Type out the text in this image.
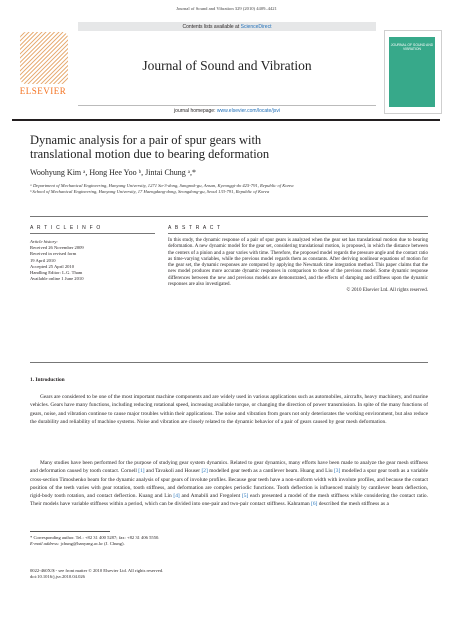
Journal of Sound and Vibration 329 (2010) 4409–4421
Contents lists available at ScienceDirect
ELSEVIER
Journal of Sound and Vibration
journal homepage: www.elsevier.com/locate/jsvi
JOURNAL OF SOUND AND VIBRATION
Dynamic analysis for a pair of spur gears with
translational motion due to bearing deformation
Woohyung Kim ᵃ, Hong Hee Yoo ᵇ, Jintai Chung ᵃ,*
ᵃ Department of Mechanical Engineering, Hanyang University, 1271 Sa-3-dong, Sangnok-gu, Ansan, Kyeonggi-do 425-791, Republic of Korea
ᵇ School of Mechanical Engineering, Hanyang University, 17 Haengdang-dong, Seongdong-gu, Seoul 133-791, Republic of Korea
A R T I C L E I N F O	A B S T R A C T
Article history:
Received 26 November 2009
Received in revised form
19 April 2010
Accepted 25 April 2010
Handling Editor: L.G. Tham
Available online 1 June 2010
In this study, the dynamic response of a pair of spur gears is analyzed when the gear set has translational motion due to bearing deformation. A new dynamic model for the gear set, considering translational motion, is proposed, in which the distance between the centers of a pinion and a gear varies with time. Therefore, the proposed model regards the pressure angle and the contact ratio as time-varying variables, while the previous model regards them as constants. After deriving nonlinear equations of motion for the gear set, the dynamic responses are computed by applying the Newmark time integration method. This paper claims that the new model produces more accurate dynamic responses in comparison to those of the previous model. Some dynamic response differences between the new and previous models are demonstrated, and the effects of damping and stiffness upon the dynamic responses are also investigated.
© 2010 Elsevier Ltd. All rights reserved.
1. Introduction
Gears are considered to be one of the most important machine components and are widely used in various applications such as automobiles, aircrafts, heavy machinery, and marine vehicles. Gears have many functions, including reducing rotational speed, increasing available torque, or changing the direction of power transmission. In spite of the many functions of gears, noise, and vibration continue to cause major troubles within their applications. The noise and vibration from gears not only deteriorates the working environment, but also reduce the durability and reliability of machine systems. Noise and vibration are closely related to the dynamic behavior of a pair of gears caused by gear mesh deformation.
Many studies have been performed for the purpose of studying gear system dynamics. Related to gear dynamics, many efforts have been made to analyze the gear mesh stiffness and deformation caused by tooth contact. Cornell [1] and Tavakoli and Houser [2] modelled gear teeth as a cantilever beam. Huang and Liu [3] modelled a spur gear tooth as a variable cross-section Timoshenko beam for the dynamic analysis of spur gears of involute profiles. Because gear teeth have a non-uniform width with involute profiles, and because the contact position of the teeth varies with gear rotation, tooth stiffness, and deformation are complex periodic functions. Tooth deflection is influenced mainly by cantilever beam deflection, rigid-body tooth rotation, and contact deflection. Kuang and Lin [4] and Amabili and Fregolent [5] each presented a model of the mesh stiffness while considering the contact ratio. Their models have variable stiffness within a period, which can be divided into one-pair and two-pair contact stiffness. Kahraman [6] described the mesh stiffness as a
* Corresponding author. Tel.: +82 31 400 5287; fax: +82 31 406 5550.
E-mail address: jchung@hanyang.ac.kr (J. Chung).
0022-460X/$ - see front matter © 2010 Elsevier Ltd. All rights reserved.
doi:10.1016/j.jsv.2010.04.026
